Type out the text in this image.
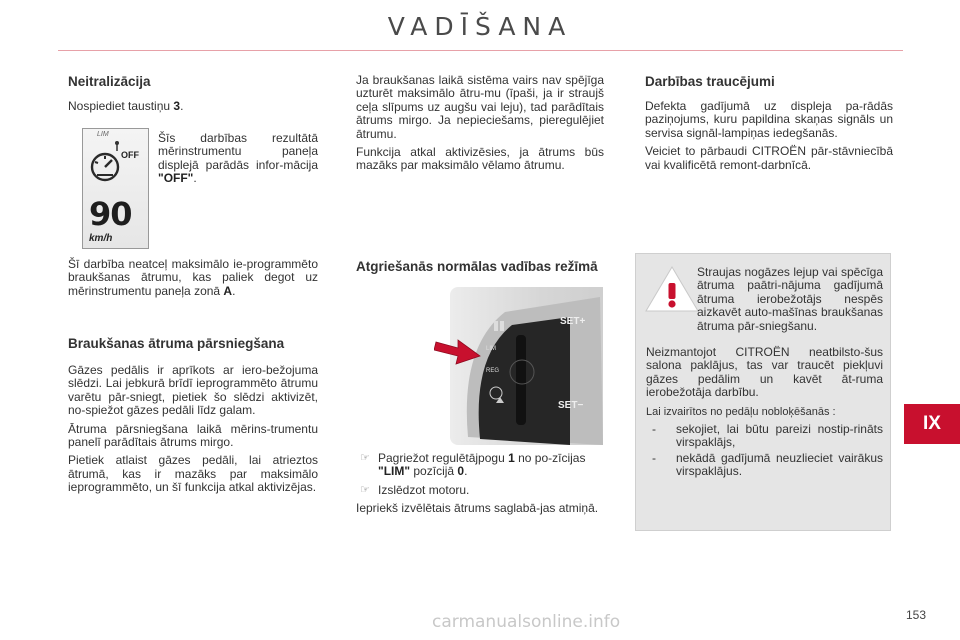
VADĪŠANA
Neitralizācija

Nospiediet taustiņu 3.

LIM
OFF
90
km/h

Šīs darbības rezultātā mērinstrumentu paneļa displejā parādās infor-mācija "OFF".

Šī darbība neatceļ maksimālo ie-programmēto braukšanas ātrumu, kas paliek degot uz mērinstrumentu paneļa zonā A.

Braukšanas ātruma pārsniegšana

Gāzes pedālis ir aprīkots ar iero-bežojuma slēdzi. Lai jebkurā brīdī ieprogrammēto ātrumu varētu pār-sniegt, pietiek šo slēdzi aktivizēt, no-spiežot gāzes pedāli līdz galam.

Ātruma pārsniegšana laikā mērins-trumentu panelī parādītais ātrums mirgo.

Pietiek atlaist gāzes pedāli, lai atrieztos ātrumā, kas ir mazāks par maksimālo ieprogrammēto, un šī funkcija atkal aktivizējas.

Ja braukšanas laikā sistēma vairs nav spējīga uzturēt maksimālo ātru-mu (īpaši, ja ir straujš ceļa slīpums uz augšu vai leju), tad parādītais ātrums mirgo. Ja nepieciešams, pieregulējiet ātrumu.

Funkcija atkal aktivizēsies, ja ātrums būs mazāks par maksimālo vēlamo ātrumu.

Atgriešanās normālas vadības režīmā
SET+
SET−
LIM
REG
☞ Pagriežot regulētājpogu 1 no po-zīcijas "LIM" pozīcijā 0.
☞ Izslēdzot motoru.

Iepriekš izvēlētais ātrums saglabā-jas atmiņā.

Darbības traucējumi

Defekta gadījumā uz displeja pa-rādās paziņojums, kuru papildina skaņas signāls un servisa signāl-lampiņas iedegšanās.

Veiciet to pārbaudi CITROËN pār-stāvniecībā vai kvalificētā remont-darbnīcā.

Straujas nogāzes lejup vai spēcīga ātruma paātri-nājuma gadījumā ātruma ierobežotājs nespēs aizkavēt auto-mašīnas braukšanas ātruma pār-sniegšanu.

Neizmantojot CITROËN neatbilsto-šus salona paklājus, tas var traucēt piekļuvi gāzes pedālim un kavēt āt-ruma ierobežotāja darbību.

Lai izvairītos no pedāļu nobloķēšanās :

- sekojiet, lai būtu pareizi nostip-rināts virspaklājs,
- nekādā gadījumā neuzlieciet vairākus virspaklājus.
IX
153
carmanualsonline.info
